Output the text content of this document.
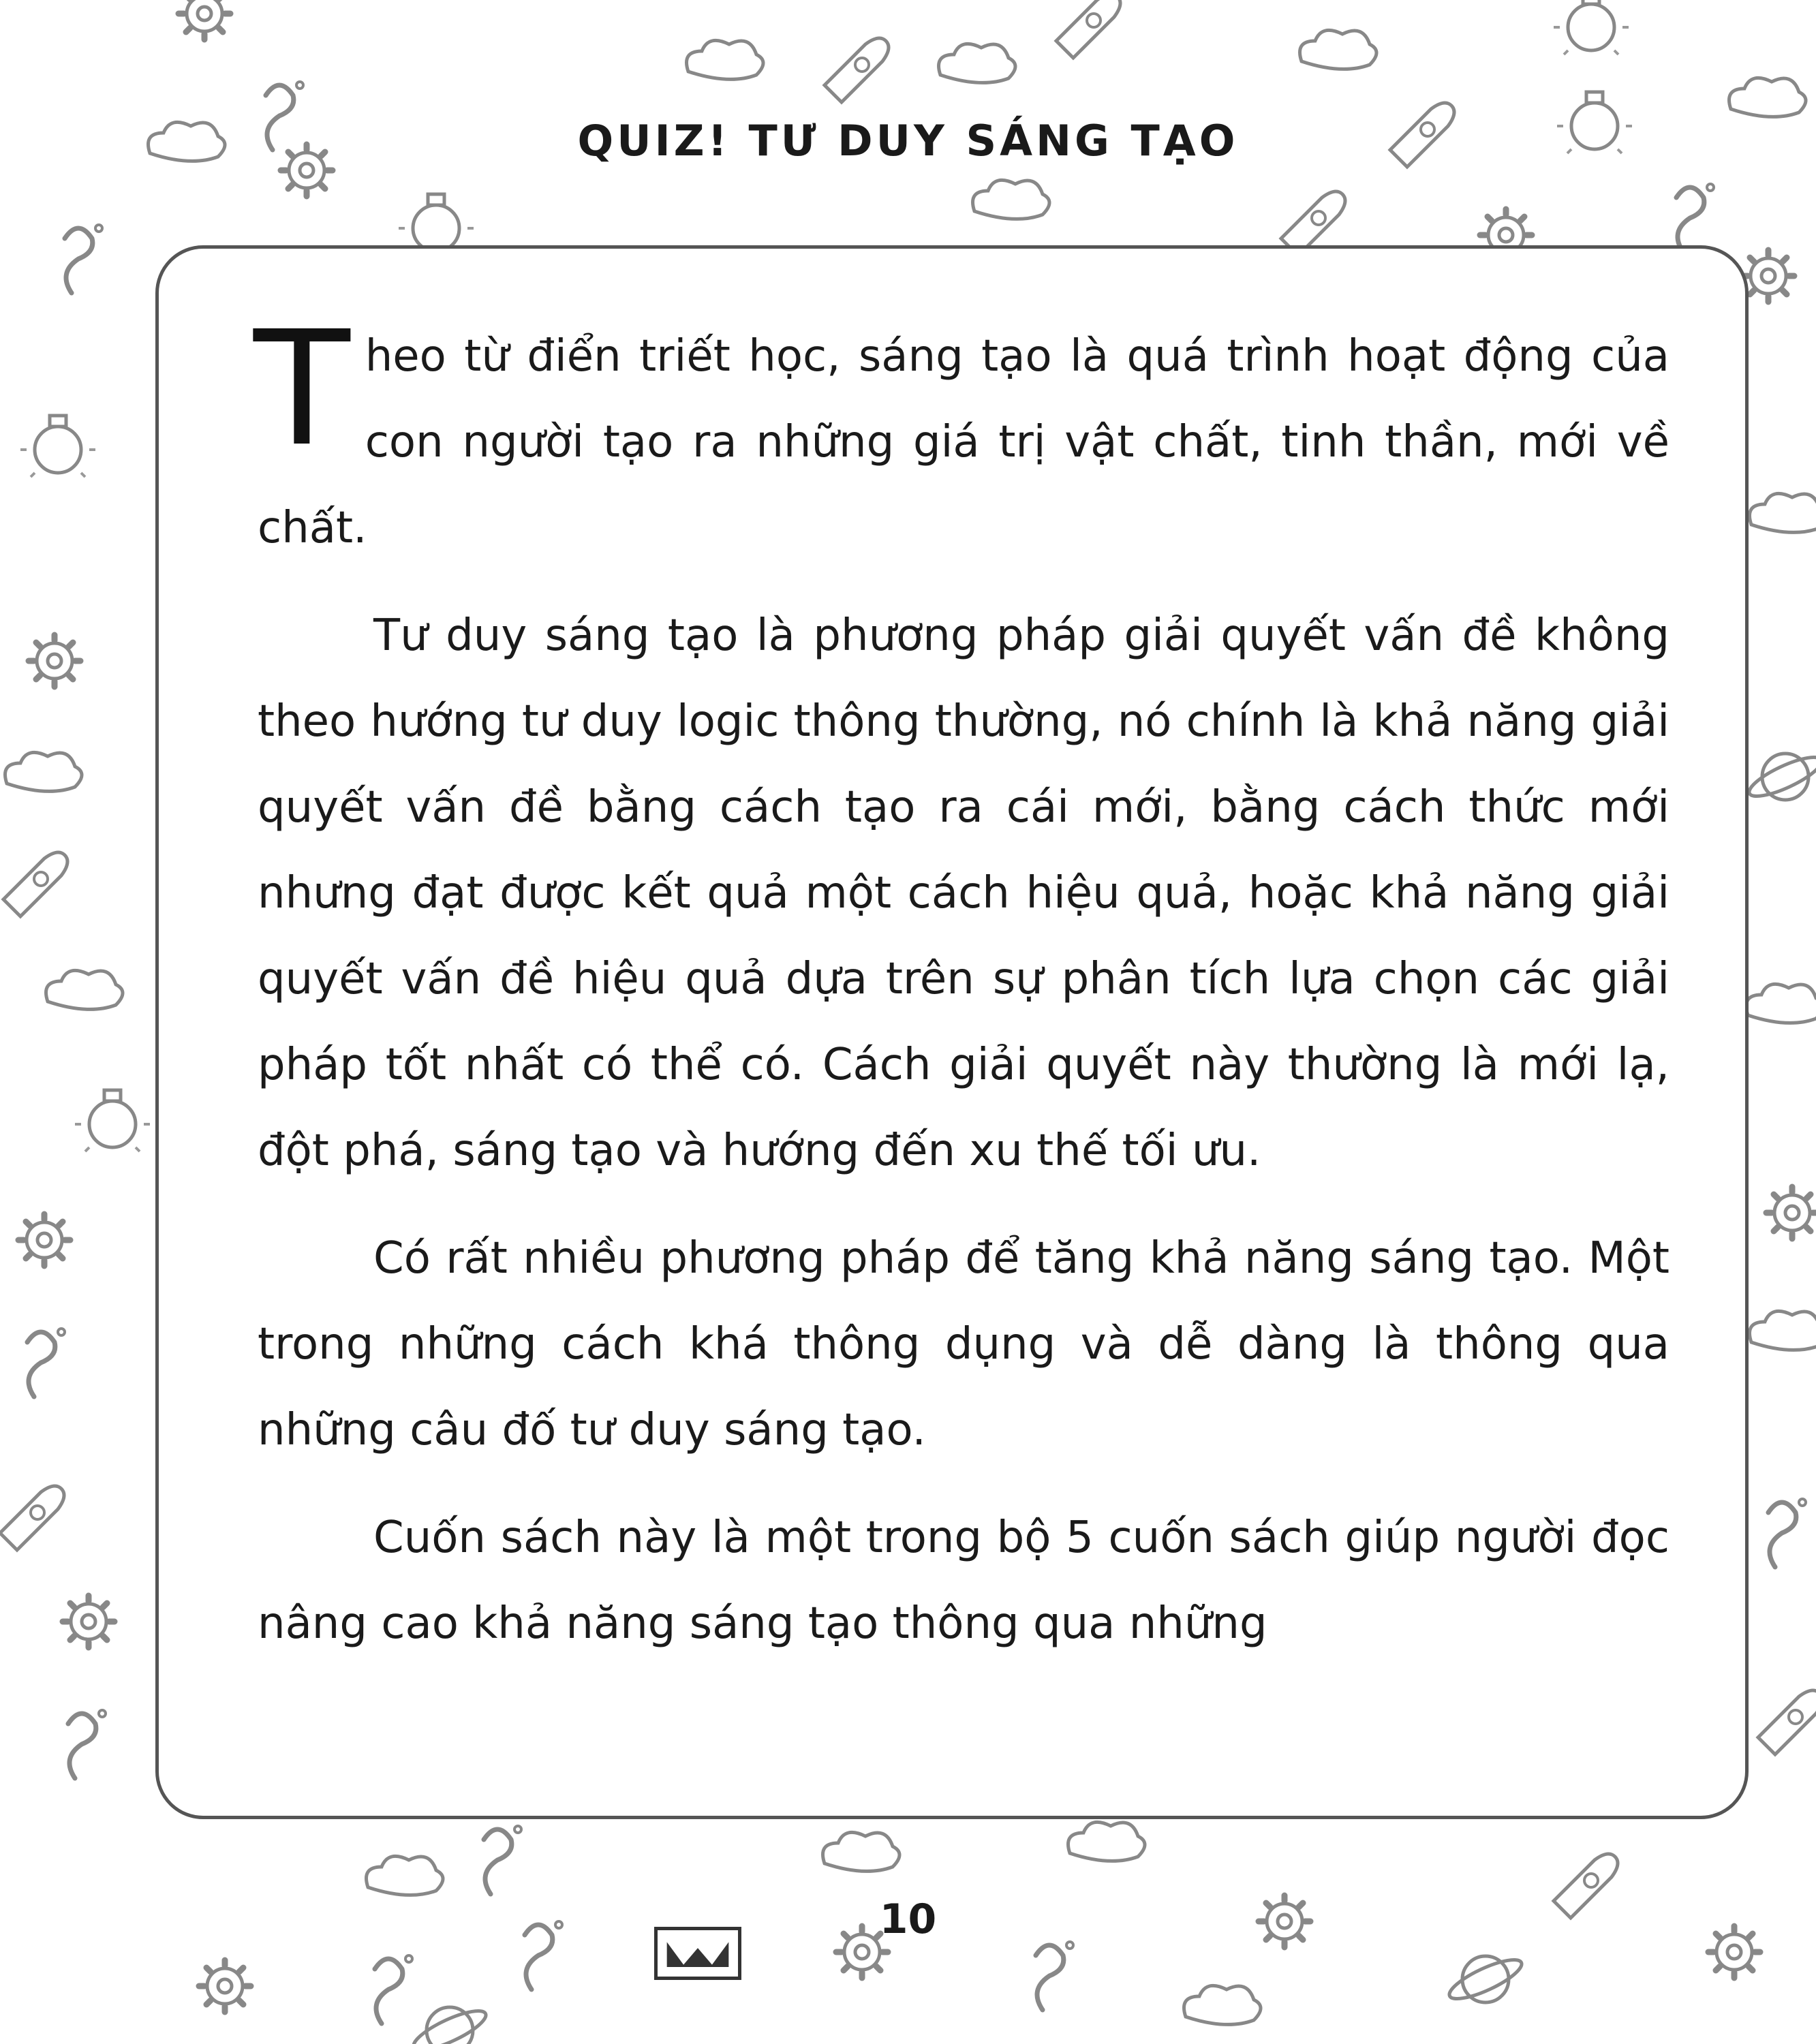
QUIZ! TƯ DUY SÁNG TẠO

T heo từ điển triết học, sáng tạo là quá trình hoạt động của con người tạo ra những giá trị vật chất, tinh thần, mới về chất.

Tư duy sáng tạo là phương pháp giải quyết vấn đề không theo hướng tư duy logic thông thường, nó chính là khả năng giải quyết vấn đề bằng cách tạo ra cái mới, bằng cách thức mới nhưng đạt được kết quả một cách hiệu quả, hoặc khả năng giải quyết vấn đề hiệu quả dựa trên sự phân tích lựa chọn các giải pháp tốt nhất có thể có. Cách giải quyết này thường là mới lạ, đột phá, sáng tạo và hướng đến xu thế tối ưu.

Có rất nhiều phương pháp để tăng khả năng sáng tạo. Một trong những cách khá thông dụng và dễ dàng là thông qua những câu đố tư duy sáng tạo.

Cuốn sách này là một trong bộ 5 cuốn sách giúp người đọc nâng cao khả năng sáng tạo thông qua những

10
